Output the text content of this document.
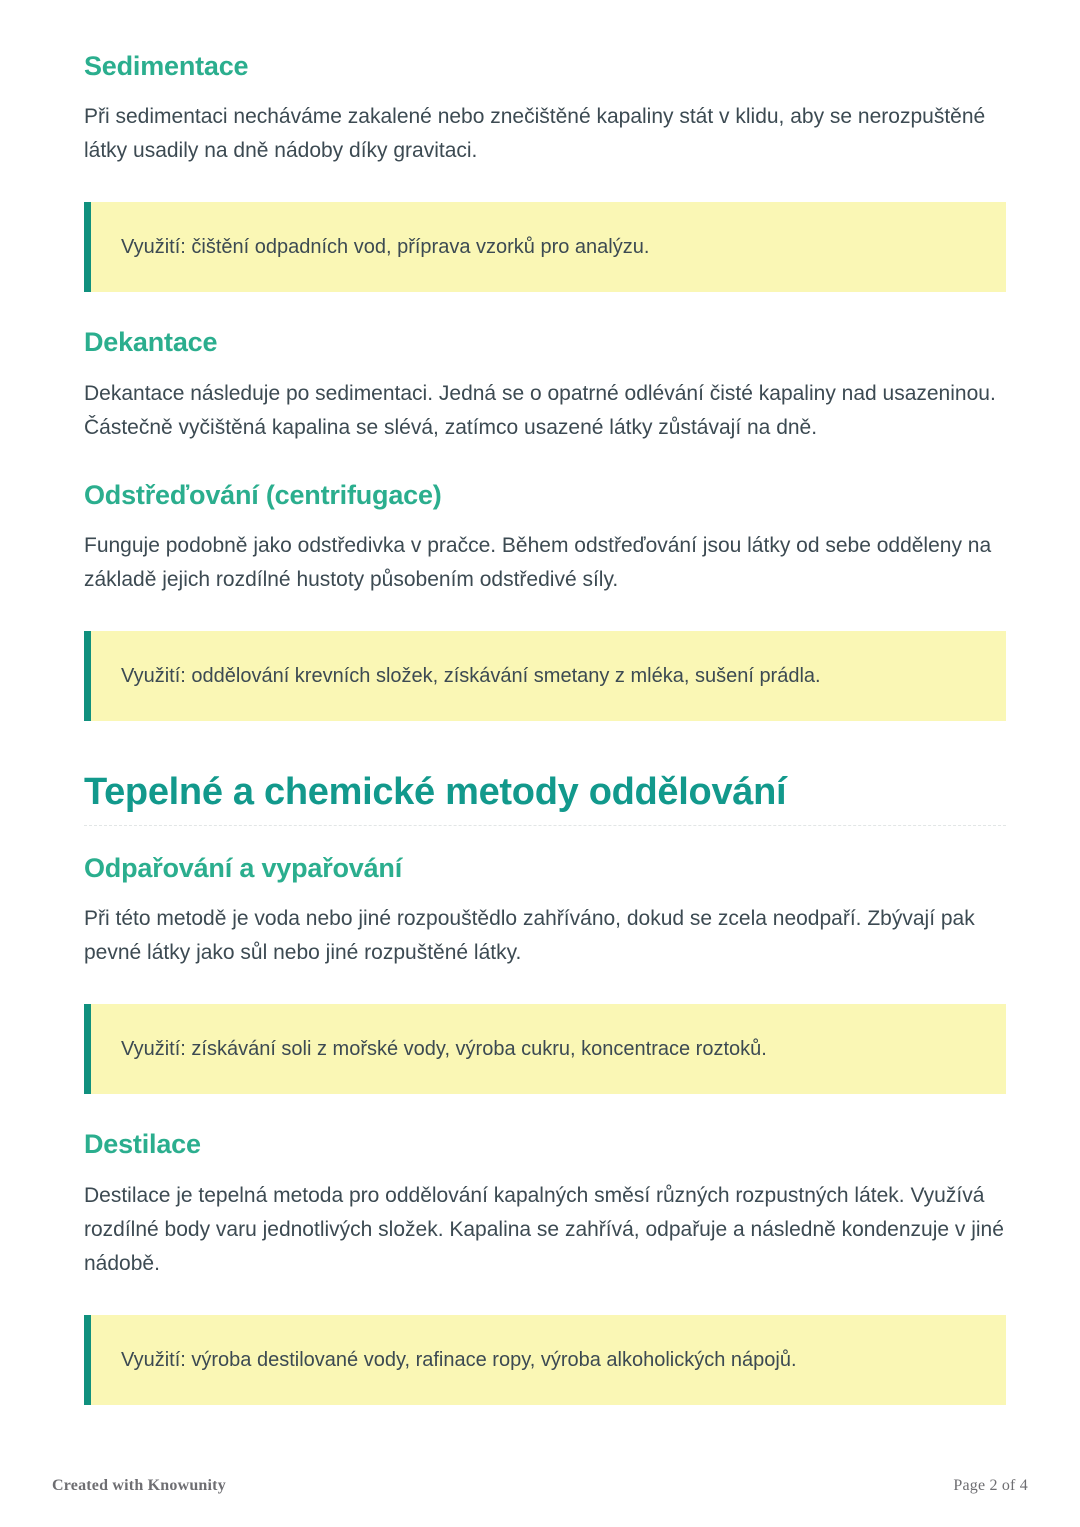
Sedimentace

Při sedimentaci necháváme zakalené nebo znečištěné kapaliny stát v klidu, aby se nerozpuštěné látky usadily na dně nádoby díky gravitaci.

Využití: čištění odpadních vod, příprava vzorků pro analýzu.

Dekantace

Dekantace následuje po sedimentaci. Jedná se o opatrné odlévání čisté kapaliny nad usazeninou. Částečně vyčištěná kapalina se slévá, zatímco usazené látky zůstávají na dně.

Odstřeďování (centrifugace)

Funguje podobně jako odstředivka v pračce. Během odstřeďování jsou látky od sebe odděleny na základě jejich rozdílné hustoty působením odstředivé síly.

Využití: oddělování krevních složek, získávání smetany z mléka, sušení prádla.

Tepelné a chemické metody oddělování
Odpařování a vypařování

Při této metodě je voda nebo jiné rozpouštědlo zahříváno, dokud se zcela neodpaří. Zbývají pak pevné látky jako sůl nebo jiné rozpuštěné látky.

Využití: získávání soli z mořské vody, výroba cukru, koncentrace roztoků.

Destilace

Destilace je tepelná metoda pro oddělování kapalných směsí různých rozpustných látek. Využívá rozdílné body varu jednotlivých složek. Kapalina se zahřívá, odpařuje a následně kondenzuje v jiné nádobě.

Využití: výroba destilované vody, rafinace ropy, výroba alkoholických nápojů.

Created with Knowunity	Page 2 of 4
